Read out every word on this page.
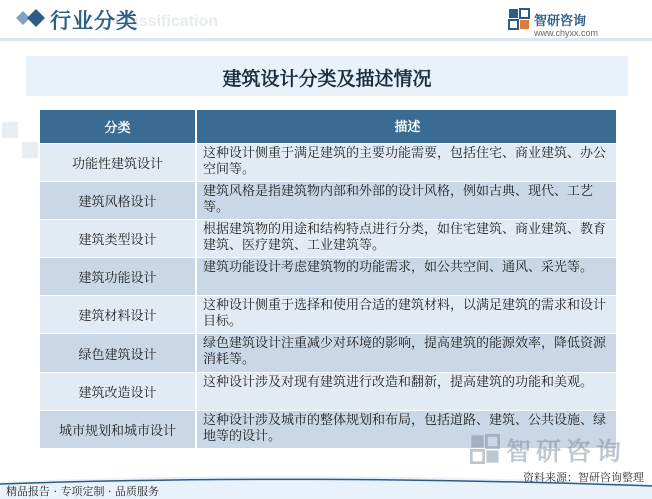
Classification
行业分类	智研咨询
www.chyxx.com
建筑设计分类及描述情况
分类	描述
功能性建筑设计
这种设计侧重于满足建筑的主要功能需要，包括住宅、商业建筑、办公空间等。
建筑风格设计
建筑风格是指建筑物内部和外部的设计风格，例如古典、现代、工艺等。
建筑类型设计
根据建筑物的用途和结构特点进行分类，如住宅建筑、商业建筑、教育建筑、医疗建筑、工业建筑等。
建筑功能设计
建筑功能设计考虑建筑物的功能需求，如公共空间、通风、采光等。
建筑材料设计
这种设计侧重于选择和使用合适的建筑材料，以满足建筑的需求和设计目标。
绿色建筑设计
绿色建筑设计注重减少对环境的影响，提高建筑的能源效率，降低资源消耗等。
建筑改造设计
这种设计涉及对现有建筑进行改造和翻新，提高建筑的功能和美观。
城市规划和城市设计
这种设计涉及城市的整体规划和布局，包括道路、建筑、公共设施、绿地等的设计。
智研咨询
资料来源：智研咨询整理
精品报告 · 专项定制 · 品质服务
